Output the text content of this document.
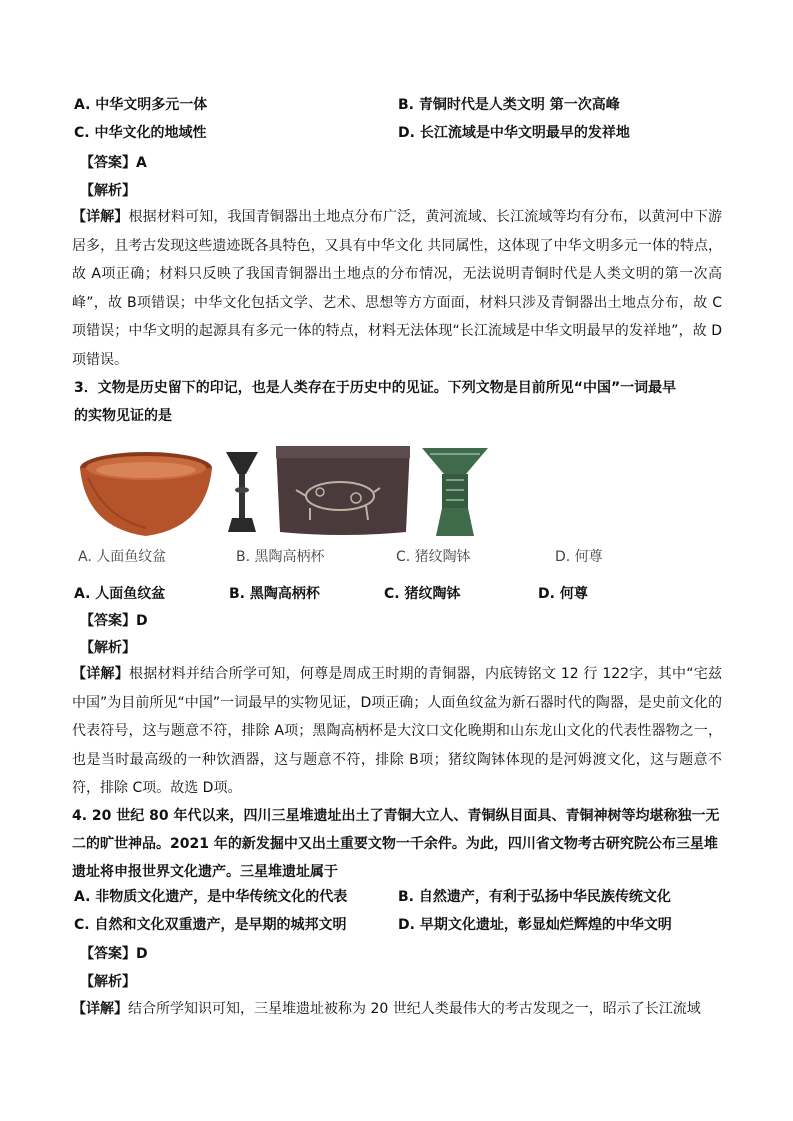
A. 中华文明多元一体	B. 青铜时代是人类文明 第一次高峰
C. 中华文化的地域性	D. 长江流域是中华文明最早的发祥地
【答案】A
【解析】
【详解】根据材料可知，我国青铜器出土地点分布广泛，黄河流域、长江流域等均有分布，以黄河中下游居多，且考古发现这些遗迹既各具特色，又具有中华文化 共同属性，这体现了中华文明多元一体的特点，故 A项正确；材料只反映了我国青铜器出土地点的分布情况，无法说明青铜时代是人类文明的第一次高峰”，故 B项错误；中华文化包括文学、艺术、思想等方方面面，材料只涉及青铜器出土地点分布，故 C项错误；中华文明的起源具有多元一体的特点，材料无法体现“长江流域是中华文明最早的发祥地”，故 D项错误。
3．文物是历史留下的印记，也是人类存在于历史中的见证。下列文物是目前所见“中国”一词最早
的实物见证的是
A. 人面鱼纹盆	B. 黑陶高柄杯	C. 猪纹陶钵	D. 何尊
A. 人面鱼纹盆	B. 黑陶高柄杯	C. 猪纹陶钵	D. 何尊
【答案】D
【解析】
【详解】根据材料并结合所学可知，何尊是周成王时期的青铜器，内底铸铭文 12 行 122字，其中“宅兹中国”为目前所见“中国”一词最早的实物见证，D项正确；人面鱼纹盆为新石器时代的陶器，是史前文化的代表符号，这与题意不符，排除 A项；黑陶高柄杯是大汶口文化晚期和山东龙山文化的代表性器物之一，也是当时最高级的一种饮酒器，这与题意不符，排除 B项；猪纹陶钵体现的是河姆渡文化，这与题意不符，排除 C项。故选 D项。
4. 20 世纪 80 年代以来，四川三星堆遗址出土了青铜大立人、青铜纵目面具、青铜神树等均堪称独一无二的旷世神品。2021 年的新发掘中又出土重要文物一千余件。为此，四川省文物考古研究院公布三星堆遗址将申报世界文化遗产。三星堆遗址属于
A. 非物质文化遗产，是中华传统文化的代表	B. 自然遗产，有利于弘扬中华民族传统文化
C. 自然和文化双重遗产，是早期的城邦文明	D. 早期文化遗址，彰显灿烂辉煌的中华文明
【答案】D
【解析】
【详解】结合所学知识可知，三星堆遗址被称为 20 世纪人类最伟大的考古发现之一，昭示了长江流域
